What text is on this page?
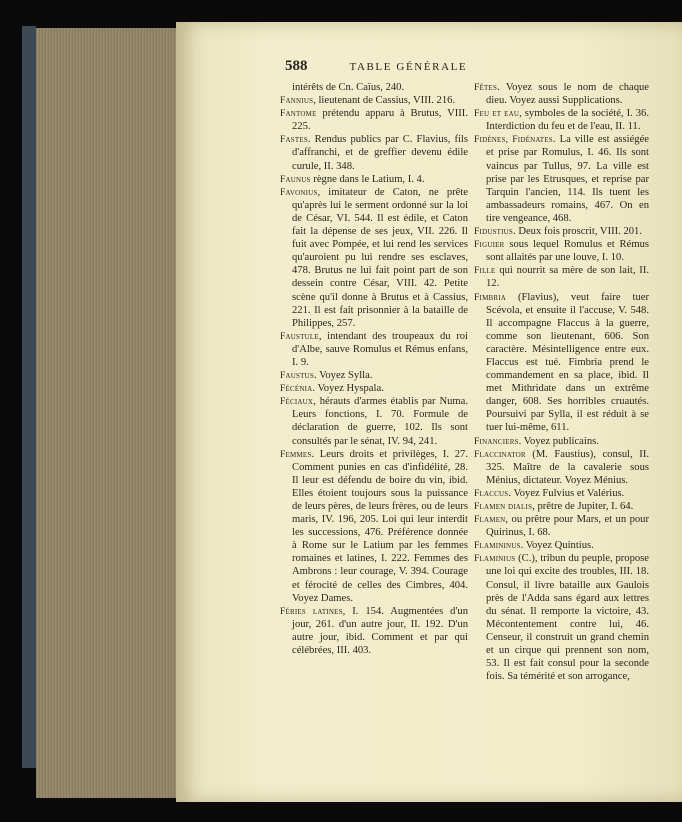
588	TABLE GÉNÉRALE
intérêts de Cn. Caïus, 240.
Fannius, lieutenant de Cassius, VIII. 216.
Fantome prétendu apparu à Brutus, VIII. 225.
Fastes. Rendus publics par C. Flavius, fils d'affranchi, et de greffier devenu édile curule, II. 348.
Faunus règne dans le Latium, I. 4.
Favonius, imitateur de Caton, ne prête qu'après lui le serment ordonné sur la loi de César, VI. 544. Il est édile, et Caton fait la dépense de ses jeux, VII. 226. Il fuit avec Pompée, et lui rend les services qu'auroient pu lui rendre ses esclaves, 478. Brutus ne lui fait point part de son dessein contre César, VIII. 42. Petite scène qu'il donne à Brutus et à Cassius, 221. Il est fait prisonnier à la bataille de Philippes, 257.
Faustule, intendant des troupeaux du roi d'Albe, sauve Romulus et Rémus enfans, I. 9.
Faustus. Voyez Sylla.
Fécénia. Voyez Hyspala.
Féciaux, hérauts d'armes établis par Numa. Leurs fonctions, I. 70. Formule de déclaration de guerre, 102. Ils sont consultés par le sénat, IV. 94, 241.
Femmes. Leurs droits et privilèges, I. 27. Comment punies en cas d'infidélité, 28. Il leur est défendu de boire du vin, ibid. Elles étoient toujours sous la puissance de leurs pères, de leurs frères, ou de leurs maris, IV. 196, 205. Loi qui leur interdit les successions, 476. Préférence donnée à Rome sur le Latium par les femmes romaines et latines, I. 222. Femmes des Ambrons : leur courage, V. 394. Courage et férocité de celles des Cimbres, 404. Voyez Dames.
Féries latines, I. 154. Augmentées d'un jour, 261. d'un autre jour, II. 192. D'un autre jour, ibid. Comment et par qui célébrées, III. 403.
Fêtes. Voyez sous le nom de chaque dieu. Voyez aussi Supplications.
Feu et eau, symboles de la société, I. 36. Interdiction du feu et de l'eau, II. 11.
Fidènes, Fidénates. La ville est assiégée et prise par Romulus, I. 46. Ils sont vaincus par Tullus, 97. La ville est prise par les Etrusques, et reprise par Tarquin l'ancien, 114. Ils tuent les ambassadeurs romains, 467. On en tire vengeance, 468.
Fidustius. Deux fois proscrit, VIII. 201.
Figuier sous lequel Romulus et Rémus sont allaités par une louve, I. 10.
Fille qui nourrit sa mère de son lait, II. 12.
Fimbria (Flavius), veut faire tuer Scévola, et ensuite il l'accuse, V. 548. Il accompagne Flaccus à la guerre, comme son lieutenant, 606. Son caractère. Mésintelligence entre eux. Flaccus est tué. Fimbria prend le commandement en sa place, ibid. Il met Mithridate dans un extrême danger, 608. Ses horribles cruautés. Poursuivi par Sylla, il est réduit à se tuer lui-même, 611.
Financiers. Voyez publicains.
Flaccinator (M. Faustius), consul, II. 325. Maître de la cavalerie sous Ménius, dictateur. Voyez Ménius.
Flaccus. Voyez Fulvius et Valérius.
Flamen dialis, prêtre de Jupiter, I. 64.
Flamen, ou prêtre pour Mars, et un pour Quirinus, I. 68.
Flamininus. Voyez Quintius.
Flaminius (C.), tribun du peuple, propose une loi qui excite des troubles, III. 18. Consul, il livre bataille aux Gaulois près de l'Adda sans égard aux lettres du sénat. Il remporte la victoire, 43. Mécontentement contre lui, 46. Censeur, il construit un grand chemin et un cirque qui prennent son nom, 53. Il est fait consul pour la seconde fois. Sa témérité et son arrogance,
